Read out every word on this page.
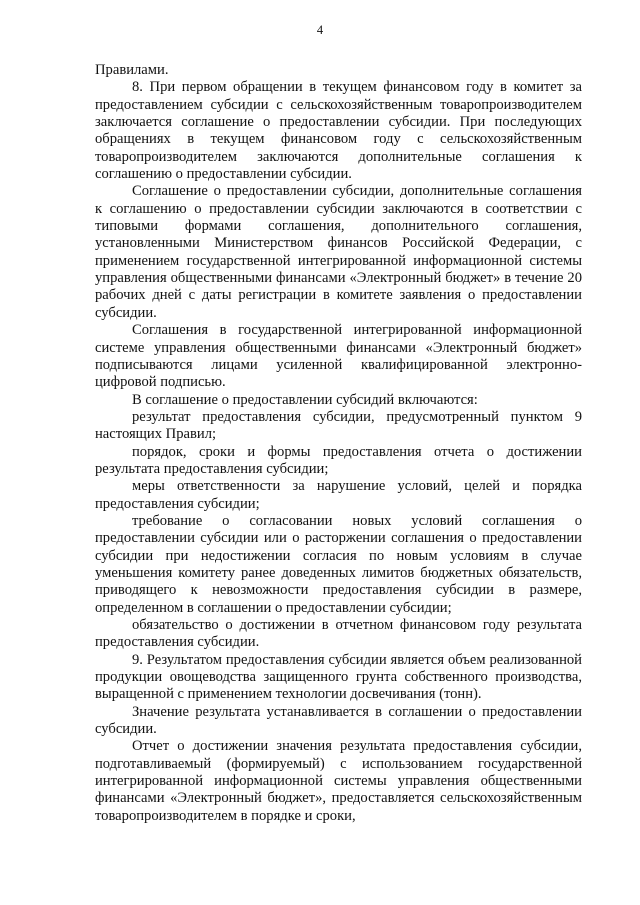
4

Правилами.

8. При первом обращении в текущем финансовом году в комитет за предоставлением субсидии с сельскохозяйственным товаропроизводителем заключается соглашение о предоставлении субсидии. При последующих обращениях в текущем финансовом году с сельскохозяйственным товаропроизводителем заключаются дополнительные соглашения к соглашению о предоставлении субсидии.

Соглашение о предоставлении субсидии, дополнительные соглашения к соглашению о предоставлении субсидии заключаются в соответствии с типовыми формами соглашения, дополнительного соглашения, установленными Министерством финансов Российской Федерации, с применением государственной интегрированной информационной системы управления общественными финансами «Электронный бюджет» в течение 20 рабочих дней с даты регистрации в комитете заявления о предоставлении субсидии.

Соглашения в государственной интегрированной информационной системе управления общественными финансами «Электронный бюджет» подписываются лицами усиленной квалифицированной электронно-цифровой подписью.

В соглашение о предоставлении субсидий включаются:

результат предоставления субсидии, предусмотренный пунктом 9 настоящих Правил;

порядок, сроки и формы предоставления отчета о достижении результата предоставления субсидии;

меры ответственности за нарушение условий, целей и порядка предоставления субсидии;

требование о согласовании новых условий соглашения о предоставлении субсидии или о расторжении соглашения о предоставлении субсидии при недостижении согласия по новым условиям в случае уменьшения комитету ранее доведенных лимитов бюджетных обязательств, приводящего к невозможности предоставления субсидии в размере, определенном в соглашении о предоставлении субсидии;

обязательство о достижении в отчетном финансовом году результата предоставления субсидии.

9. Результатом предоставления субсидии является объем реализованной продукции овощеводства защищенного грунта собственного производства, выращенной с применением технологии досвечивания (тонн).

Значение результата устанавливается в соглашении о предоставлении субсидии.

Отчет о достижении значения результата предоставления субсидии, подготавливаемый (формируемый) с использованием государственной интегрированной информационной системы управления общественными финансами «Электронный бюджет», предоставляется сельскохозяйственным товаропроизводителем в порядке и сроки,
